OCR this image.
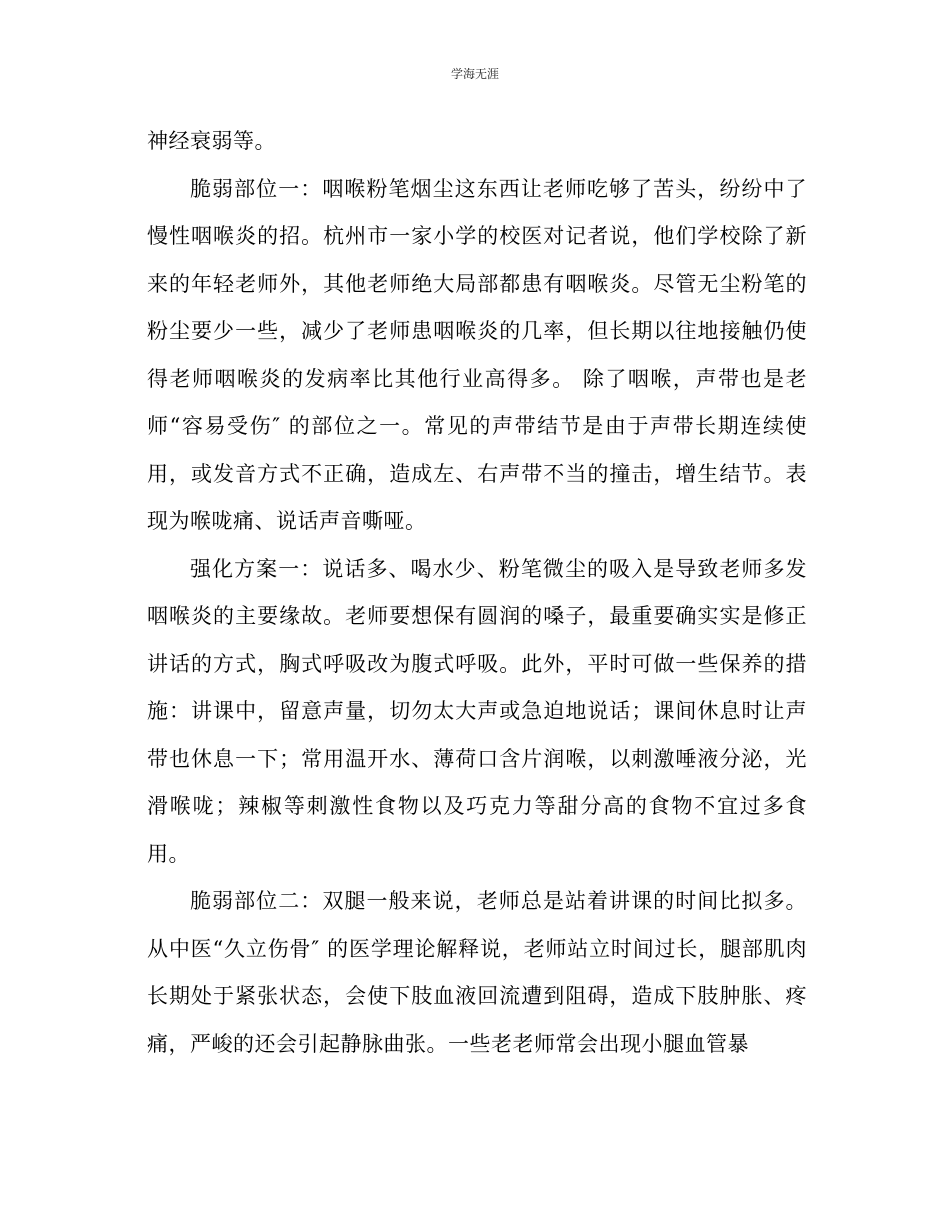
学海无涯

神经衰弱等。

脆弱部位一：咽喉粉笔烟尘这东西让老师吃够了苦头，纷纷中了慢性咽喉炎的招。杭州市一家小学的校医对记者说，他们学校除了新来的年轻老师外，其他老师绝大局部都患有咽喉炎。尽管无尘粉笔的粉尘要少一些，减少了老师患咽喉炎的几率，但长期以往地接触仍使得老师咽喉炎的发病率比其他行业高得多。 除了咽喉，声带也是老师“容易受伤″ 的部位之一。常见的声带结节是由于声带长期连续使用，或发音方式不正确，造成左、右声带不当的撞击，增生结节。表现为喉咙痛、说话声音嘶哑。

强化方案一：说话多、喝水少、粉笔微尘的吸入是导致老师多发咽喉炎的主要缘故。老师要想保有圆润的嗓子，最重要确实实是修正讲话的方式，胸式呼吸改为腹式呼吸。此外，平时可做一些保养的措施：讲课中，留意声量，切勿太大声或急迫地说话；课间休息时让声带也休息一下；常用温开水、薄荷口含片润喉，以刺激唾液分泌，光滑喉咙；辣椒等刺激性食物以及巧克力等甜分高的食物不宜过多食用。

脆弱部位二：双腿一般来说，老师总是站着讲课的时间比拟多。从中医“久立伤骨″ 的医学理论解释说，老师站立时间过长，腿部肌肉长期处于紧张状态，会使下肢血液回流遭到阻碍，造成下肢肿胀、疼痛，严峻的还会引起静脉曲张。一些老老师常会出现小腿血管暴
